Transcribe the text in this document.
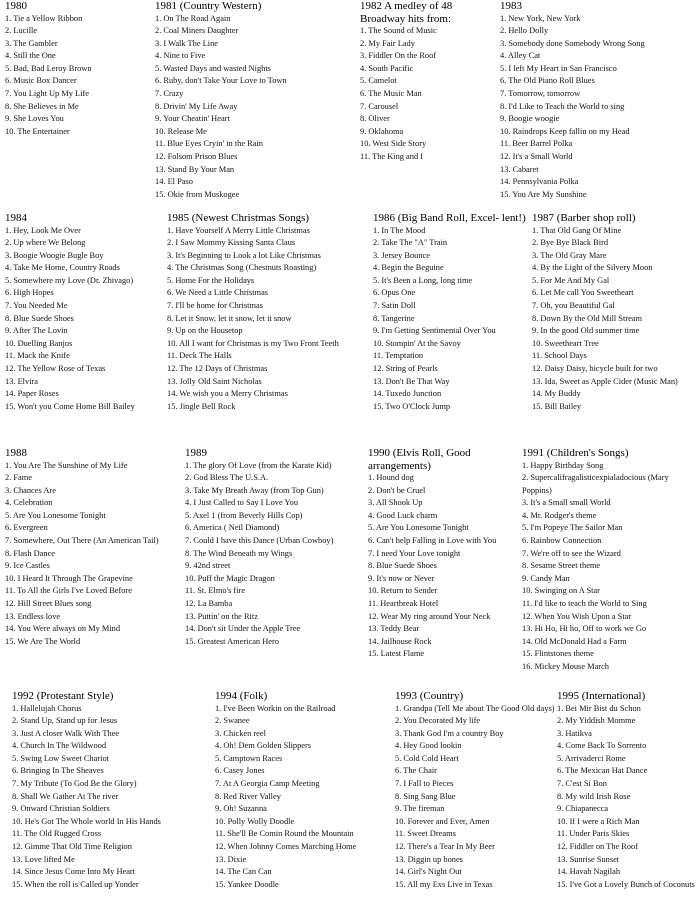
1980
1. Tie a Yellow Ribbon
2. Lucille
3. The Gambler
4. Still the One
5. Bad, Bad Leroy Brown
6. Music Box Dancer
7. You Light Up My Life
8. She Believes in Me
9. She Loves You
10. The Entertainer
1981 (Country Western)
1. On The Road Again
2. Coal Miners Daughter
3. I Walk The Line
4. Nine to Five
5. Wasted Days and wasted Nights
6. Ruby, don't Take Your Love to Town
7. Crazy
8. Drivin' My Life Away
9. Your Cheatin' Heart
10. Release Me
11. Blue Eyes Cryin' in the Rain
12. Folsom Prison Blues
13. Stand By Your Man
14. El Paso
15. Okie from Muskogee
1982 A medley of 48 Broadway hits from:
1. The Sound of Music
2. My Fair Lady
3. Fiddler On the Roof
4. South Pacific
5. Camelot
6. The Music Man
7. Carousel
8. Oliver
9. Oklahoma
10. West Side Story
11. The King and I
1983
1. New York, New York
2. Hello Dolly
3. Somebody done Somebody Wrong Song
4. Alley Cat
5. I left My Heart in San Francisco
6. The Old Piano Roll Blues
7. Tomorrow, tomorrow
8. I'd Like to Teach the World to sing
9. Boogie woogie
10. Raindrops Keep fallin on my Head
11. Beer Barrel Polka
12. It's a Small World
13. Cabaret
14. Pennsylvania Polka
15. You Are My Sunshine
1984
1. Hey, Look Me Over
2. Up where We Belong
3. Boogie Woogie Bugle Boy
4. Take Me Home, Country Roads
5. Somewhere my Love (Dr. Zhivago)
6. High Hopes
7. You Needed Me
8. Blue Suede Shoes
9. After The Lovin
10. Duelling Banjos
11. Mack the Knife
12. The Yellow Rose of Texas
13. Elvira
14. Paper Roses
15. Won't you Come Home Bill Bailey
1985 (Newest Christmas Songs)
1. Have Yourself A Merry Little Christmas
2. I Saw Mommy Kissing Santa Claus
3. It's Beginning to Look a lot Like Christmas
4. The Christmas Song (Chestnuts Roasting)
5. Home For the Holidays
6. We Need a Little Christmas
7. I'll be home for Christmas
8. Let it Snow, let it snow, let it snow
9. Up on the Housetop
10. All I want for Christmas is my Two Front Teeth
11. Deck The Halls
12. The 12 Days of Christmas
13. Jolly Old Saint Nicholas
14. We wish you a Merry Christmas
15. Jingle Bell Rock
1986 (Big Band Roll, Excel- lent!)
1. In The Mood
2. Take The "A" Train
3. Jersey Bounce
4. Begin the Beguine
5. It's Been a Long, long time
6. Opus One
7. Satin Doll
8. Tangerine
9. I'm Getting Sentimental Over You
10. Stompin' At the Savoy
11. Temptation
12. String of Pearls
13. Don't Be That Way
14. Tuxedo Junction
15. Two O'Clock Jump
1987 (Barber shop roll)
1. That Old Gang Of Mine
2. Bye Bye Black Bird
3. The Old Gray Mare
4. By the Light of the Silvery Moon
5. For Me And My Gal
6. Let Me call You Sweetheart
7. Oh, you Beautiful Gal
8. Down By the Old Mill Stream
9. In the good Old summer time
10. Sweetheart Tree
11. School Days
12. Daisy Daisy, bicycle built for two
13. Ida, Sweet as Apple Cider (Music Man)
14. My Buddy
15. Bill Bailey
1988
1. You Are The Sunshine of My Life
2. Fame
3. Chances Are
4. Celebration
5. Are You Lonesome Tonight
6. Evergreen
7. Somewhere, Out There (An American Tail)
8. Flash Dance
9. Ice Castles
10. I Heard It Through The Grapevine
11. To All the Girls I've Loved Before
12. Hill Street Blues song
13. Endless love
14. You Were always on My Mind
15. We Are The World
1989
1. The glory Of Love (from the Karate Kid)
2. God Bless The U.S.A.
3. Take My Breath Away (from Top Gun)
4. I Just Called to Say I Love You
5. Axel 1 (from Beverly Hills Cop)
6. America ( Neil Diamond)
7. Could I have this Dance (Urban Cowboy)
8. The Wind Beneath my Wings
9. 42nd street
10. Puff the Magic Dragon
11. St. Elmo's fire
12. La Bamba
13. Puttin' on the Ritz
14. Don't sit Under the Apple Tree
15. Greatest American Hero
1990 (Elvis Roll, Good arrangements)
1. Hound dog
2. Don't be Cruel
3. All Shook Up
4. Good Luck charm
5. Are You Lonesome Tonight
6. Can't help Falling in Love with You
7. I need Your Love tonight
8. Blue Suede Shoes
9. It's now or Never
10. Return to Sender
11. Heartbreak Hotel
12. Wear My ring around Your Neck
13. Teddy Bear
14. Jailhouse Rock
15. Latest Flame
1991 (Children's Songs)
1. Happy Birthday Song
2. Supercalifragalisticexpialadocious (Mary Poppins)
3. It's a Small small World
4. Mr. Rodger's theme
5. I'm Popeye The Sailor Man
6. Rainbow Connection
7. We're off to see the Wizard
8. Sesame Street theme
9. Candy Man
10. Swinging on A Star
11. I'd like to teach the World to Sing
12. When You Wish Upon a Star
13. Hi Ho, Hi ho, Off to work we Go
14. Old McDonald Had a Farm
15. Flintstones theme
16. Mickey Mouse March
1992 (Protestant Style)
1. Hallelujah Chorus
2. Stand Up, Stand up for Jesus
3. Just A closer Walk With Thee
4. Church In The Wildwood
5. Swing Low Sweet Chariot
6. Bringing In The Sheaves
7. My Tribute (To God Be the Glory)
8. Shall We Gather At The river
9. Onward Christian Soldiers
10. He's Got The Whole world In His Hands
11. The Old Rugged Cross
12. Gimme That Old Time Religion
13. Love lifted Me
14. Since Jesus Come Into My Heart
15. When the roll is Called up Yonder
1994 (Folk)
1. I've Been Workin on the Railroad
2. Swanee
3. Chicken reel
4. Oh! Dem Golden Slippers
5. Camptown Races
6. Casey Jones
7. At A Georgia Camp Meeting
8. Red River Valley
9. Oh! Suzanna
10. Polly Wolly Doodle
11. She'll Be Comin Round the Mountain
12. When Johnny Comes Marching Home
13. Dixie
14. The Can Can
15. Yankee Doodle
1993 (Country)
1. Grandpa (Tell Me about The Good Old days)
2. You Decorated My life
3. Thank God I'm a country Boy
4. Hey Good lookin
5. Cold Cold Heart
6. The Chair
7. I Fall to Pieces
8. Sing Sang Blue
9. The fireman
10. Forever and Ever, Amen
11. Sweet Dreams
12. There's a Tear In My Beer
13. Diggin up bones
14. Girl's Night Out
15. All my Exs Live in Texas
1995 (International)
1. Bei Mir Bist du Schon
2. My Yiddish Momme
3. Hatikva
4. Come Back To Sorrento
5. Arrivaderci Rome
6. The Mexican Hat Dance
7. C'est Si Bon
8. My wild Irish Rose
9. Chiapanecca
10. If I were a Rich Man
11. Under Paris Skies
12. Fiddler on The Roof
13. Sunrise Sunset
14. Havah Nagilah
15. I've Got a Lovely Bunch of Coconuts
